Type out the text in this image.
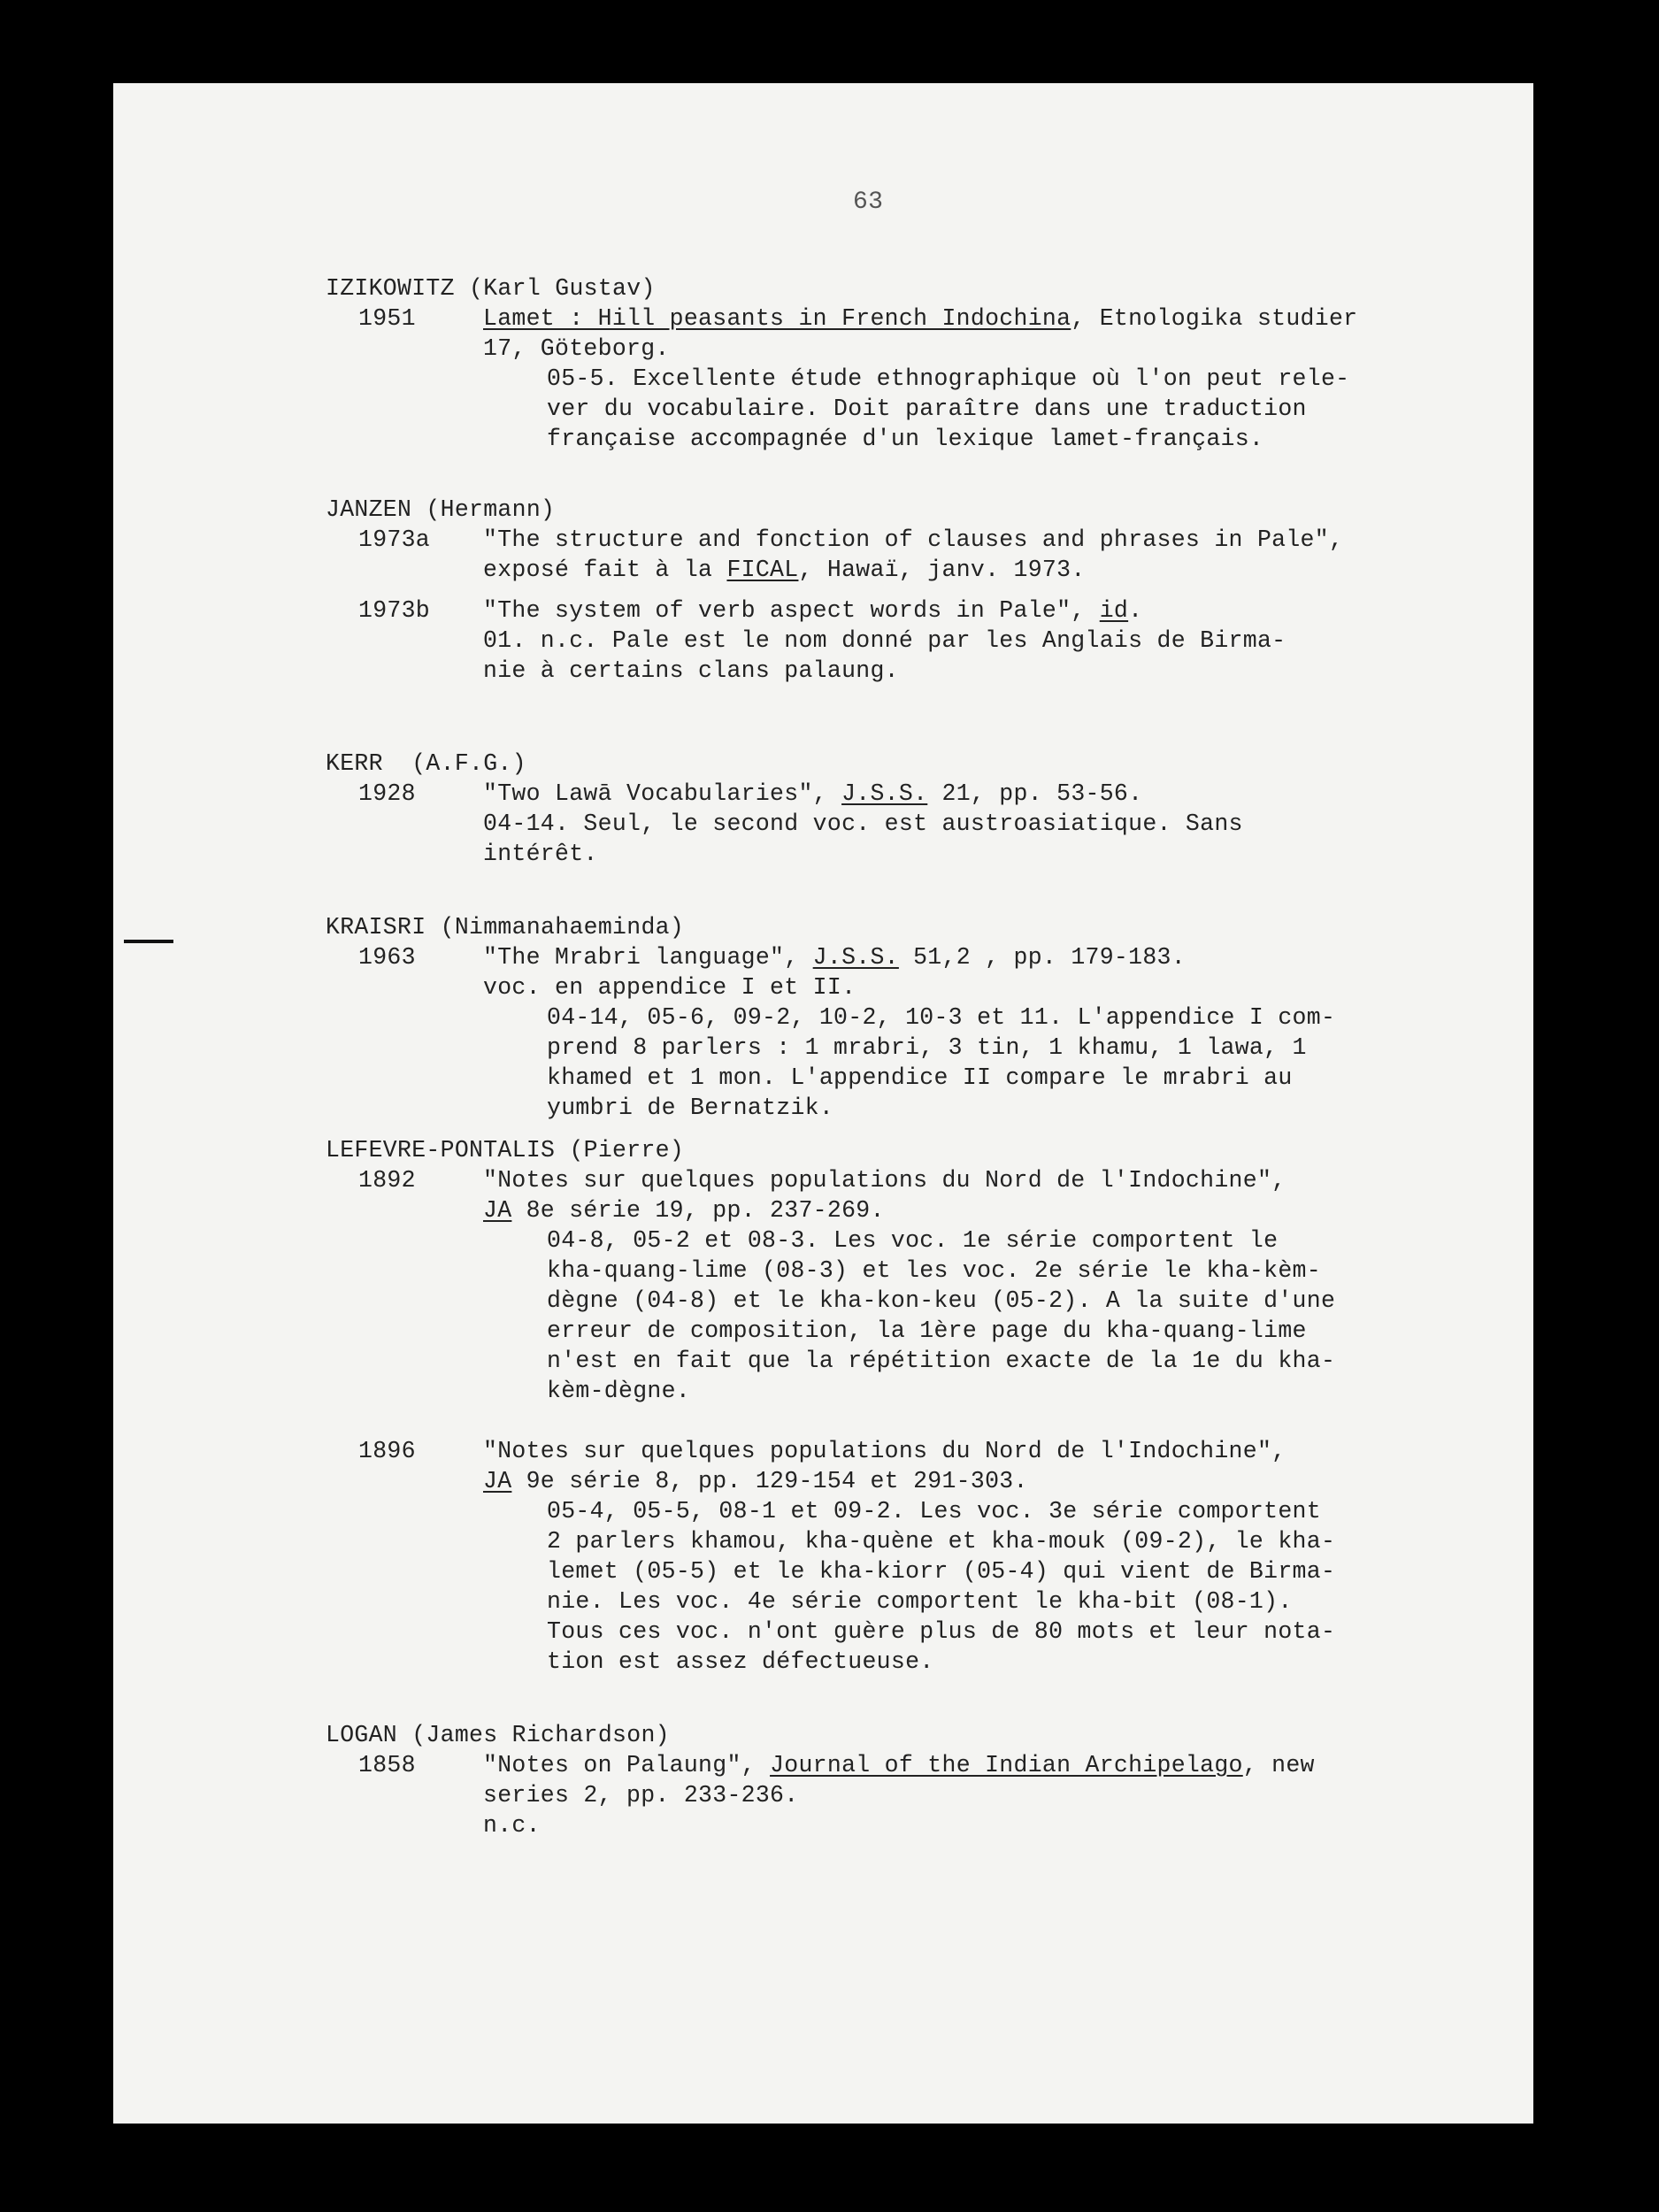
63
IZIKOWITZ (Karl Gustav)
1951	Lamet : Hill peasants in French Indochina, Etnologika studier
17, Göteborg.
05-5. Excellente étude ethnographique où l'on peut rele-
ver du vocabulaire. Doit paraître dans une traduction
française accompagnée d'un lexique lamet-français.
JANZEN (Hermann)
1973a "The structure and fonction of clauses and phrases in Pale",
exposé fait à la FICAL, Hawaï, janv. 1973.
1973b "The system of verb aspect words in Pale", id.
01. n.c. Pale est le nom donné par les Anglais de Birma-
nie à certains clans palaung.
KERR  (A.F.G.)
1928	"Two Lawā Vocabularies", J.S.S. 21, pp. 53-56.
04-14. Seul, le second voc. est austroasiatique. Sans
intérêt.
KRAISRI (Nimmanahaeminda)
1963	"The Mrabri language", J.S.S. 51,2 , pp. 179-183.
voc. en appendice I et II.
04-14, 05-6, 09-2, 10-2, 10-3 et 11. L'appendice I com-
prend 8 parlers : 1 mrabri, 3 tin, 1 khamu, 1 lawa, 1
khamed et 1 mon. L'appendice II compare le mrabri au
yumbri de Bernatzik.
LEFEVRE-PONTALIS (Pierre)
1892	"Notes sur quelques populations du Nord de l'Indochine",
JA 8e série 19, pp. 237-269.
04-8, 05-2 et 08-3. Les voc. 1e série comportent le
kha-quang-lime (08-3) et les voc. 2e série le kha-kèm-
dègne (04-8) et le kha-kon-keu (05-2). A la suite d'une
erreur de composition, la 1ère page du kha-quang-lime
n'est en fait que la répétition exacte de la 1e du kha-
kèm-dègne.
1896	"Notes sur quelques populations du Nord de l'Indochine",
JA 9e série 8, pp. 129-154 et 291-303.
05-4, 05-5, 08-1 et 09-2. Les voc. 3e série comportent
2 parlers khamou, kha-quène et kha-mouk (09-2), le kha-
lemet (05-5) et le kha-kiorr (05-4) qui vient de Birma-
nie. Les voc. 4e série comportent le kha-bit (08-1).
Tous ces voc. n'ont guère plus de 80 mots et leur nota-
tion est assez défectueuse.
LOGAN (James Richardson)
1858	"Notes on Palaung", Journal of the Indian Archipelago, new
series 2, pp. 233-236.
n.c.
